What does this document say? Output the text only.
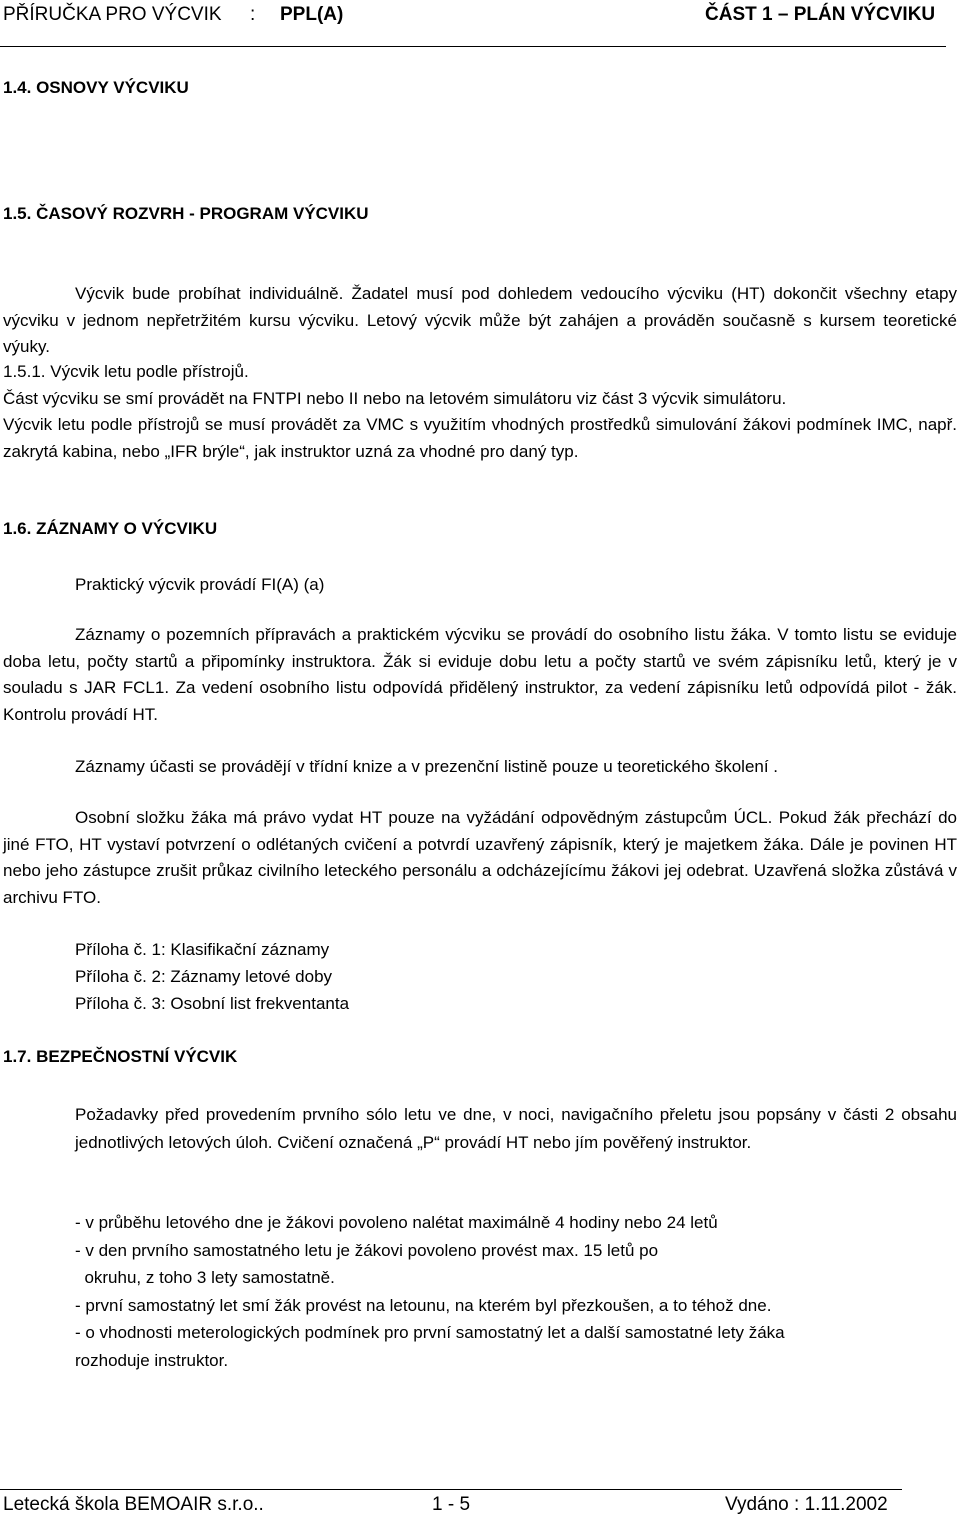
PŘÍRUČKA PRO VÝCVIK : PPL(A)	ČÁST 1 – PLÁN VÝCVIKU
1.4. OSNOVY VÝCVIKU
1.5. ČASOVÝ ROZVRH - PROGRAM VÝCVIKU
Výcvik bude probíhat individuálně. Žadatel musí pod dohledem vedoucího výcviku (HT) dokončit všechny etapy výcviku v jednom nepřetržitém kursu výcviku. Letový výcvik může být zahájen a prováděn současně s kursem teoretické výuky.
1.5.1. Výcvik letu podle přístrojů.
Část výcviku se smí provádět na FNTPI nebo II nebo na letovém simulátoru viz část 3 výcvik simulátoru.
Výcvik letu podle přístrojů se musí provádět za VMC s využitím vhodných prostředků simulování žákovi podmínek IMC, např. zakrytá kabina, nebo „IFR brýle“, jak instruktor uzná za vhodné pro daný typ.
1.6. ZÁZNAMY O VÝCVIKU
Praktický výcvik provádí FI(A) (a)
Záznamy o pozemních přípravách a praktickém výcviku se provádí do osobního listu žáka. V tomto listu se eviduje doba letu, počty startů a připomínky instruktora. Žák si eviduje dobu letu a počty startů ve svém zápisníku letů, který je v souladu s JAR FCL1. Za vedení osobního listu odpovídá přidělený instruktor, za vedení zápisníku letů odpovídá pilot - žák. Kontrolu provádí HT.
Záznamy účasti se provádějí v třídní knize a v prezenční listině pouze u teoretického školení .
Osobní složku žáka má právo vydat HT pouze na vyžádání odpovědným zástupcům ÚCL. Pokud žák přechází do jiné FTO, HT vystaví potvrzení o odlétaných cvičení a potvrdí uzavřený zápisník, který je majetkem žáka. Dále je povinen HT nebo jeho zástupce zrušit průkaz civilního leteckého personálu a odcházejícímu žákovi jej odebrat. Uzavřená složka zůstává v archivu FTO.
Příloha č. 1: Klasifikační záznamy
Příloha č. 2: Záznamy letové doby
Příloha č. 3: Osobní list frekventanta
1.7. BEZPEČNOSTNÍ VÝCVIK
Požadavky před provedením prvního sólo letu ve dne, v noci, navigačního přeletu jsou popsány v části 2 obsahu jednotlivých letových úloh. Cvičení označená „P“ provádí HT nebo jím pověřený instruktor.
- v průběhu letového dne je žákovi povoleno nalétat maximálně 4 hodiny nebo 24 letů
- v den prvního samostatného letu je žákovi povoleno provést max. 15 letů po
okruhu, z toho 3 lety samostatně.
- první samostatný let smí žák provést na letounu, na kterém byl přezkoušen, a to téhož dne.
- o vhodnosti meterologických podmínek pro první samostatný let a další samostatné lety žáka
rozhoduje instruktor.
Letecká škola BEMOAIR s.r.o..	1 - 5	Vydáno : 1.11.2002
